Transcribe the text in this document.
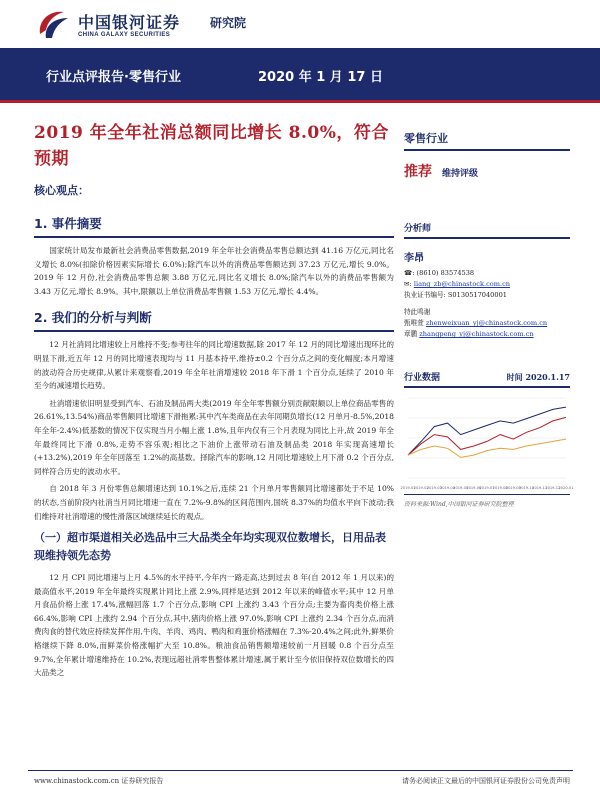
中国银河证券 研究院
CHINA GALAXY SECURITIES
行业点评报告·零售行业	2020 年 1 月 17 日
2019 年全年社消总额同比增长 8.0%，符合预期
核心观点：
1. 事件摘要
国家统计局发布最新社会消费品零售数据,2019 年全年社会消费品零售总额达到 41.16 万亿元,同比名义增长 8.0%(扣除价格因素实际增长 6.0%);除汽车以外的消费品零售额达到 37.23 万亿元,增长 9.0%。2019 年 12 月份,社会消费品零售总额 3.88 万亿元,同比名义增长 8.0%;除汽车以外的消费品零售额为 3.43 万亿元,增长 8.9%。其中,限额以上单位消费品零售额 1.53 万亿元,增长 4.4%。
2. 我们的分析与判断
12 月社消同比增速较上月维持不变;参考往年的同比增速数据,除 2017 年 12 月的同比增速出现环比的明显下滑,近五年 12 月的同比增速表现均与 11 月基本持平,维持±0.2 个百分点之间的变化幅度;本月增速的波动符合历史规律,从累计来观察看,2019 年全年社消增速较 2018 年下滑 1 个百分点,延续了 2010 年至今的减速增长趋势。
社消增速依旧明显受到汽车、石油及制品两大类(2019 年全年零售额分别贡献限额以上单位商品零售的 26.61%,13.54%)商品零售额同比增速下滑拖累:其中汽车类商品在去年同期负增长(12 月单月-8.5%,2018 年全年-2.4%)低基数的情况下仅实现当月小幅上涨 1.8%,且年内仅有三个月表现为同比上升,故 2019 年全年最终同比下滑 0.8%,走势不容乐观;相比之下油价上涨带动石油及制品类 2018 年实现高速增长(+13.2%),2019 年全年回落至 1.2%的高基数。择除汽车的影响,12 月同比增速较上月下滑 0.2 个百分点,同样符合历史的波动水平。
自 2018 年 3 月份零售总额增速达到 10.1%之后,连续 21 个月单月零售额同比增速都处于不足 10%的状态,当前阶段内社消当月同比增速一直在 7.2%-9.8%的区间范围内,国统 8.37%的均值水平向下波动;我们维持对社消增速的慢性滑落区域继续延长的观点。
（一）超市渠道相关必选品中三大品类全年均实现双位数增长，日用品表现维持领先态势
12 月 CPI 同比增速与上月 4.5%的水平持平,今年内一路走高,达到过去 8 年(自 2012 年 1 月以来)的最高值水平,2019 年全年最终实现累计同比上涨 2.9%,同样是达到 2012 年以来的峰值水平;其中 12 月单月食品价格上涨 17.4%,涨幅回落 1.7 个百分点,影响 CPI 上涨约 3.43 个百分点;主要为畜肉类价格上涨 66.4%,影响 CPI 上涨约 2.94 个百分点,其中,猪肉价格上涨 97.0%,影响 CPI 上涨约 2.34 个百分点,而消费肉食的替代效应持续发挥作用,牛肉、羊肉、鸡肉、鸭肉和鸡蛋价格涨幅在 7.3%-20.4%之间;此外,鲜果价格继续下降 8.0%,而鲜菜价格涨幅扩大至 10.8%。粮油食品销售额增速较前一月回暖 0.8 个百分点至 9.7%,全年累计增速维持在 10.2%,表现远超社消零售整体累计增速,属于累计至今依旧保持双位数增长的四大品类之
零售行业
推荐 维持评级
分析师
李昂
☎: (8610) 83574538
✉: liang_zb@chinastock.com.cn
执业证书编号: S0130517040001
特此鸣谢
甄唯萱 zhenweixuan_yj@chinastock.com.cn
章鹏 zhangpeng_yj@chinastock.com.cn
行业数据	时间 2020.1.17
2019-01
2019-02
2019-03
2019-04
2019-05
2019-06
2019-07
2019-08
2019-09
2019-10
2019-11
2019-12
2020-01
资料来源:Wind,中国银河证券研究院整理
www.chinastock.com.cn 证券研究报告	请务必阅读正文最后的中国银河证券股份公司免责声明
